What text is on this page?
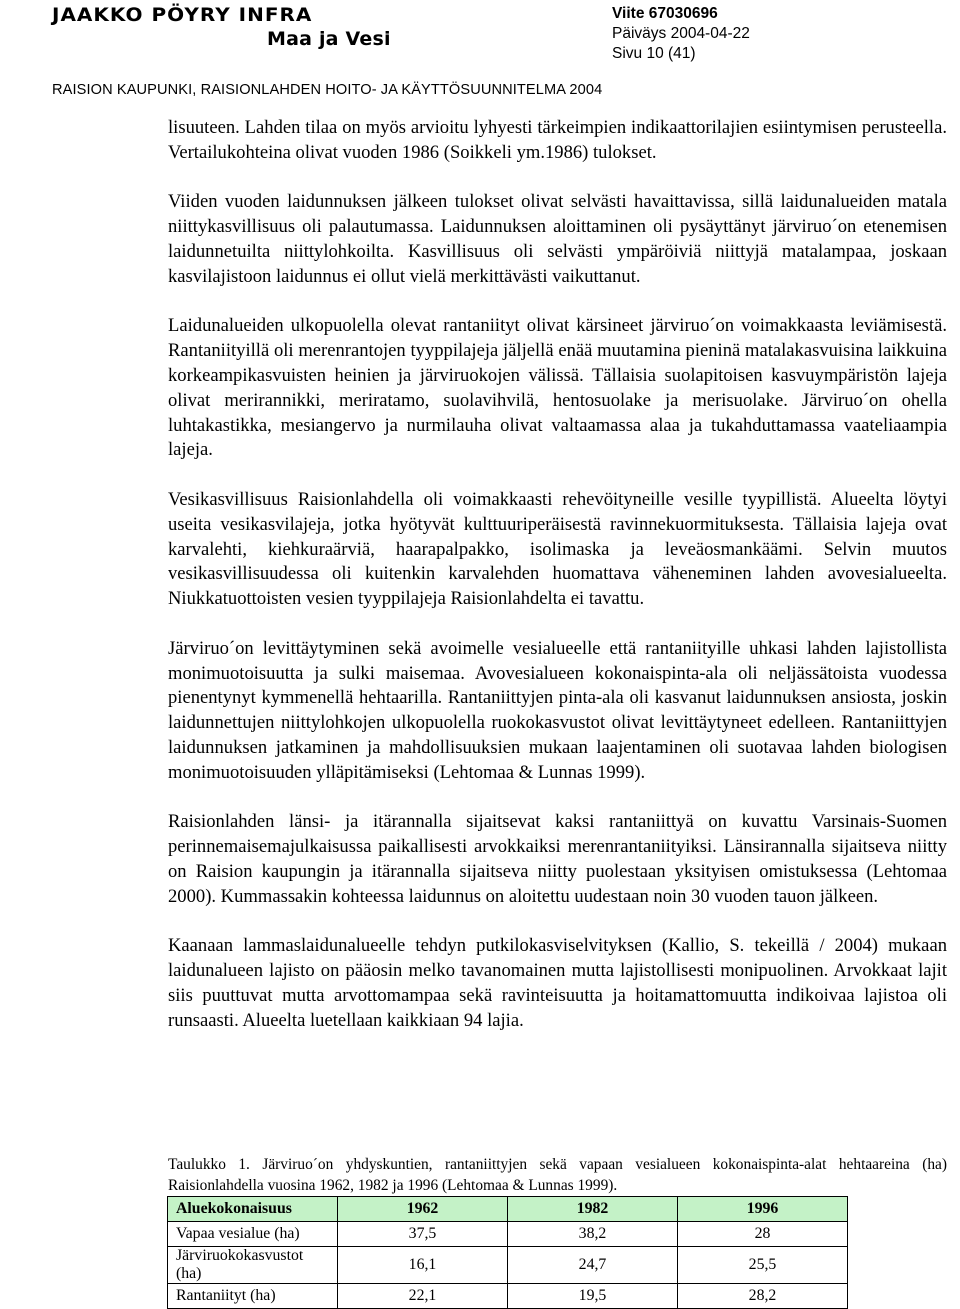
JAAKKO PÖYRY INFRA
Maa ja Vesi
Viite 67030696
Päiväys 2004-04-22
Sivu 10 (41)
RAISION KAUPUNKI, RAISIONLAHDEN HOITO- JA KÄYTTÖSUUNNITELMA 2004

lisuuteen. Lahden tilaa on myös arvioitu lyhyesti tärkeimpien indikaattorilajien esiintymisen perusteella. Vertailukohteina olivat vuoden 1986 (Soikkeli ym.1986) tulokset.

Viiden vuoden laidunnuksen jälkeen tulokset olivat selvästi havaittavissa, sillä laidunalueiden matala niittykasvillisuus oli palautumassa. Laidunnuksen aloittaminen oli pysäyttänyt järviruo´on etenemisen laidunnetuilta niittylohkoilta. Kasvillisuus oli selvästi ympäröiviä niittyjä matalampaa, joskaan kasvilajistoon laidunnus ei ollut vielä merkittävästi vaikuttanut.

Laidunalueiden ulkopuolella olevat rantaniityt olivat kärsineet järviruo´on voimakkaasta leviämisestä. Rantaniityillä oli merenrantojen tyyppilajeja jäljellä enää muutamina pieninä matalakasvuisina laikkuina korkeampikasvuisten heinien ja järviruokojen välissä. Tällaisia suolapitoisen kasvuympäristön lajeja olivat merirannikki, meriratamo, suolavihvilä, hentosuolake ja merisuolake. Järviruo´on ohella luhtakastikka, mesiangervo ja nurmilauha olivat valtaamassa alaa ja tukahduttamassa vaateliaampia lajeja.

Vesikasvillisuus Raisionlahdella oli voimakkaasti rehevöityneille vesille tyypillistä. Alueelta löytyi useita vesikasvilajeja, jotka hyötyvät kulttuuriperäisestä ravinnekuormituksesta. Tällaisia lajeja ovat karvalehti, kiehkuraärviä, haarapalpakko, isolimaska ja leveäosmankäämi. Selvin muutos vesikasvillisuudessa oli kuitenkin karvalehden huomattava väheneminen lahden avovesialueelta. Niukkatuottoisten vesien tyyppilajeja Raisionlahdelta ei tavattu.

Järviruo´on levittäytyminen sekä avoimelle vesialueelle että rantaniityille uhkasi lahden lajistollista monimuotoisuutta ja sulki maisemaa. Avovesialueen kokonaispinta-ala oli neljässätoista vuodessa pienentynyt kymmenellä hehtaarilla. Rantaniittyjen pinta-ala oli kasvanut laidunnuksen ansiosta, joskin laidunnettujen niittylohkojen ulkopuolella ruokokasvustot olivat levittäytyneet edelleen. Rantaniittyjen laidunnuksen jatkaminen ja mahdollisuuksien mukaan laajentaminen oli suotavaa lahden biologisen monimuotoisuuden ylläpitämiseksi (Lehtomaa & Lunnas 1999).

Raisionlahden länsi- ja itärannalla sijaitsevat kaksi rantaniittyä on kuvattu Varsinais-Suomen perinnemaisemajulkaisussa paikallisesti arvokkaiksi merenrantaniityiksi. Länsirannalla sijaitseva niitty on Raision kaupungin ja itärannalla sijaitseva niitty puolestaan yksityisen omistuksessa (Lehtomaa 2000). Kummassakin kohteessa laidunnus on aloitettu uudestaan noin 30 vuoden tauon jälkeen.

Kaanaan lammaslaidunalueelle tehdyn putkilokasviselvityksen (Kallio, S. tekeillä / 2004) mukaan laidunalueen lajisto on pääosin melko tavanomainen mutta lajistollisesti monipuolinen. Arvokkaat lajit siis puuttuvat mutta arvottomampaa sekä ravinteisuutta ja hoitamattomuutta indikoivaa lajistoa oli runsaasti. Alueelta luetellaan kaikkiaan 94 lajia.

Taulukko 1. Järviruo´on yhdyskuntien, rantaniittyjen sekä vapaan vesialueen kokonaispinta-alat hehtaareina (ha) Raisionlahdella vuosina 1962, 1982 ja 1996 (Lehtomaa & Lunnas 1999).

Aluekokonaisuus	1962	1982	1996
Vapaa vesialue (ha)	37,5	38,2	28
Järviruokokasvustot (ha)	16,1	24,7	25,5
Rantaniityt (ha)	22,1	19,5	28,2
